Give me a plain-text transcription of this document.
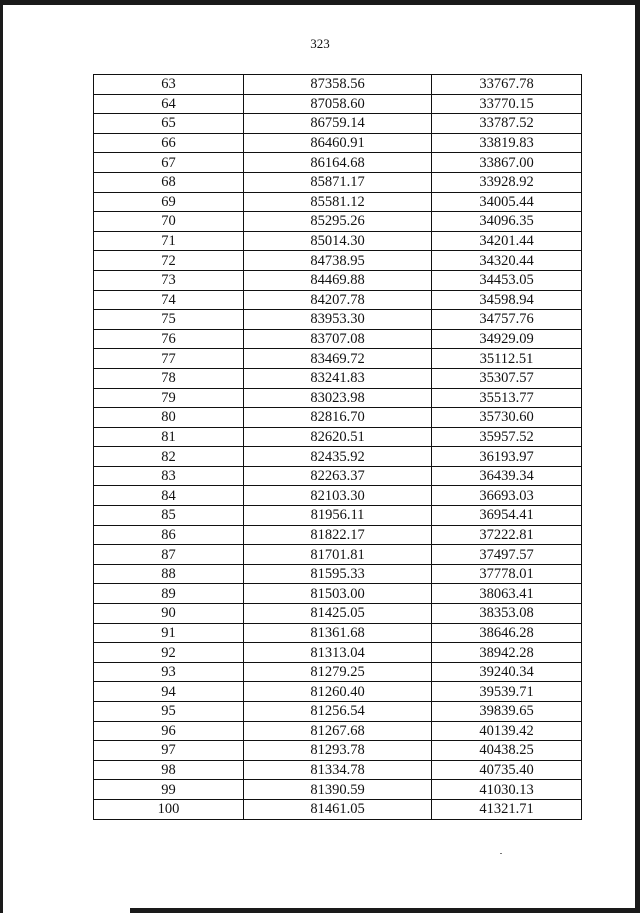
323
63	87358.56	33767.78
64	87058.60	33770.15
65	86759.14	33787.52
66	86460.91	33819.83
67	86164.68	33867.00
68	85871.17	33928.92
69	85581.12	34005.44
70	85295.26	34096.35
71	85014.30	34201.44
72	84738.95	34320.44
73	84469.88	34453.05
74	84207.78	34598.94
75	83953.30	34757.76
76	83707.08	34929.09
77	83469.72	35112.51
78	83241.83	35307.57
79	83023.98	35513.77
80	82816.70	35730.60
81	82620.51	35957.52
82	82435.92	36193.97
83	82263.37	36439.34
84	82103.30	36693.03
85	81956.11	36954.41
86	81822.17	37222.81
87	81701.81	37497.57
88	81595.33	37778.01
89	81503.00	38063.41
90	81425.05	38353.08
91	81361.68	38646.28
92	81313.04	38942.28
93	81279.25	39240.34
94	81260.40	39539.71
95	81256.54	39839.65
96	81267.68	40139.42
97	81293.78	40438.25
98	81334.78	40735.40
99	81390.59	41030.13
100	81461.05	41321.71
